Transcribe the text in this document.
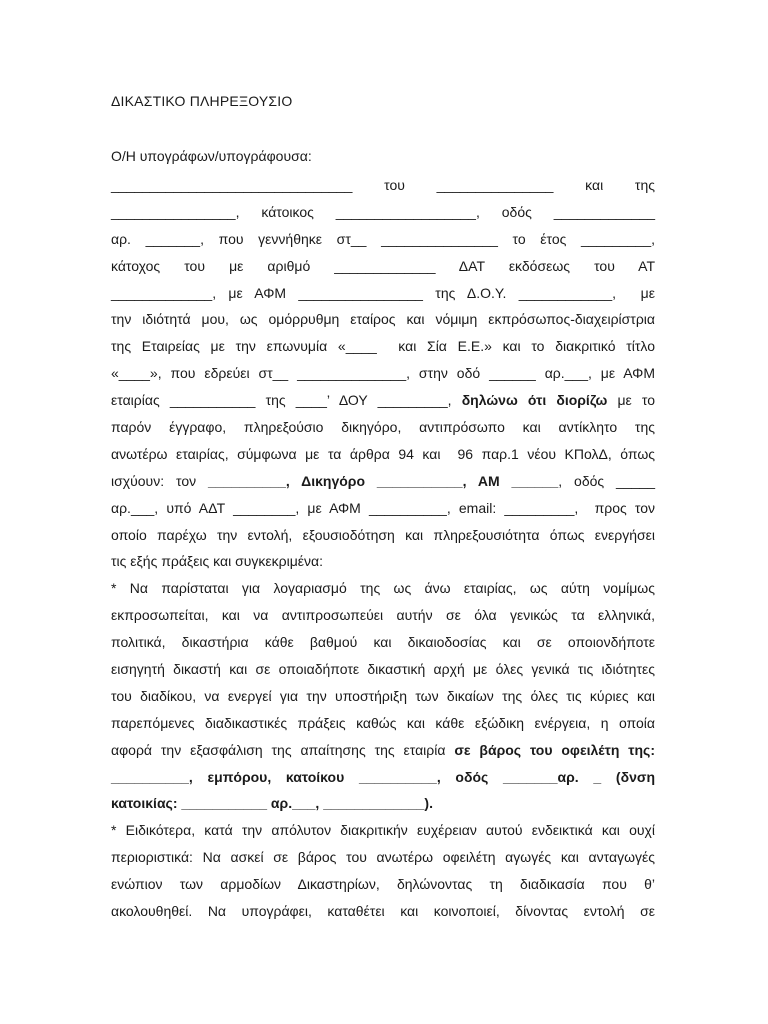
ΔΙΚΑΣΤΙΚΟ ΠΛΗΡΕΞΟΥΣΙΟ

Ο/Η υπογράφων/υπογράφουσα:

_______________________________   του   _______________   και   της
________________, κάτοικος __________________, οδός _____________
αρ. _______, που γεννήθηκε στ__ _______________ το έτος _________,
κάτοχος   του   με   αριθμό   _____________   ΔΑΤ   εκδόσεως   του   ΑΤ
_____________, με ΑΦΜ ________________ της Δ.Ο.Υ. ____________,  με
την ιδιότητά μου, ως ομόρρυθμη εταίρος και νόμιμη εκπρόσωπος-διαχειρίστρια
της Εταιρείας με την επωνυμία «____  και Σία Ε.Ε.» και το διακριτικό τίτλο
«____», που εδρεύει στ__ ______________, στην οδό ______ αρ.___, με ΑΦΜ
εταιρίας ___________ της ____’ ΔΟΥ _________, δηλώνω ότι διορίζω με το
παρόν έγγραφο, πληρεξούσιο δικηγόρο, αντιπρόσωπο και αντίκλητο της
ανωτέρω εταιρίας, σύμφωνα με τα άρθρα 94 και  96 παρ.1 νέου ΚΠολΔ, όπως
ισχύουν: τον __________, Δικηγόρο ___________, ΑΜ ______, οδός _____
αρ.___, υπό ΑΔΤ ________, με ΑΦΜ __________, email: _________,  προς τον
οποίο παρέχω την εντολή, εξουσιοδότηση και πληρεξουσιότητα όπως ενεργήσει
τις εξής πράξεις και συγκεκριμένα:
* Να παρίσταται για λογαριασμό της ως άνω εταιρίας, ως αύτη νομίμως
εκπροσωπείται, και να αντιπροσωπεύει αυτήν σε όλα γενικώς τα ελληνικά,
πολιτικά, δικαστήρια κάθε βαθμού και δικαιοδοσίας και σε οποιονδήποτε
εισηγητή δικαστή και σε οποιαδήποτε δικαστική αρχή με όλες γενικά τις ιδιότητες
του διαδίκου, να ενεργεί για την υποστήριξη των δικαίων της όλες τις κύριες και
παρεπόμενες διαδικαστικές πράξεις καθώς και κάθε εξώδικη ενέργεια, η οποία
αφορά την εξασφάλιση της απαίτησης της εταιρία σε βάρος του οφειλέτη της:
__________, εμπόρου, κατοίκου __________, οδός _______αρ. _ (δνση
κατοικίας: ___________ αρ.___, _____________).
* Ειδικότερα, κατά την απόλυτον διακριτικήν ευχέρειαν αυτού ενδεικτικά και ουχί
περιοριστικά: Να ασκεί σε βάρος του ανωτέρω οφειλέτη αγωγές και ανταγωγές
ενώπιον των αρμοδίων Δικαστηρίων, δηλώνοντας τη διαδικασία που θ’
ακολουθηθεί. Να υπογράφει, καταθέτει και κοινοποιεί, δίνοντας εντολή σε
